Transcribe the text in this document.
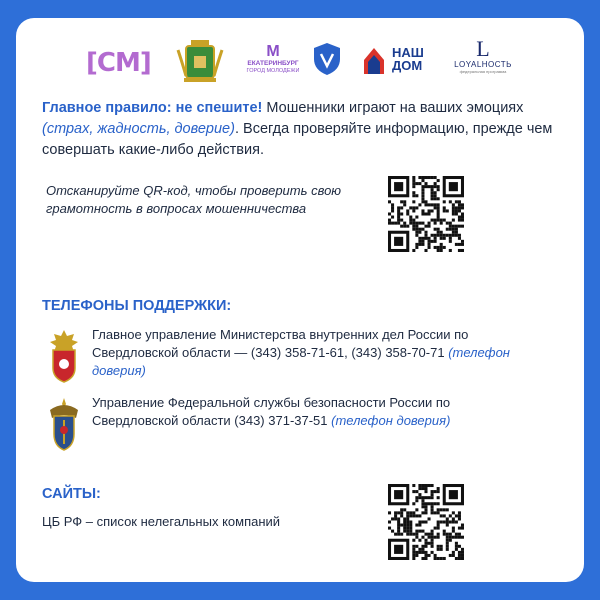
[СМ]	M
ЕКАТЕРИНБУРГ
ГОРОД МОЛОДЕЖИ
НАШ ДОМ
L
LOYALНОСТЬ
федеральная программа
Главное правило: не спешите! Мошенники играют на ваших эмоциях (страх, жадность, доверие). Всегда проверяйте информацию, прежде чем совершать какие-либо действия.
Отсканируйте QR-код, чтобы проверить свою грамотность в вопросах мошенничества
ТЕЛЕФОНЫ ПОДДЕРЖКИ:
Главное управление Министерства внутренних дел России по Свердловской области — (343) 358-71-61, (343) 358-70-71 (телефон доверия)
Управление Федеральной службы безопасности России по Свердловской области (343) 371-37-51 (телефон доверия)
САЙТЫ:
ЦБ РФ – список нелегальных компаний
